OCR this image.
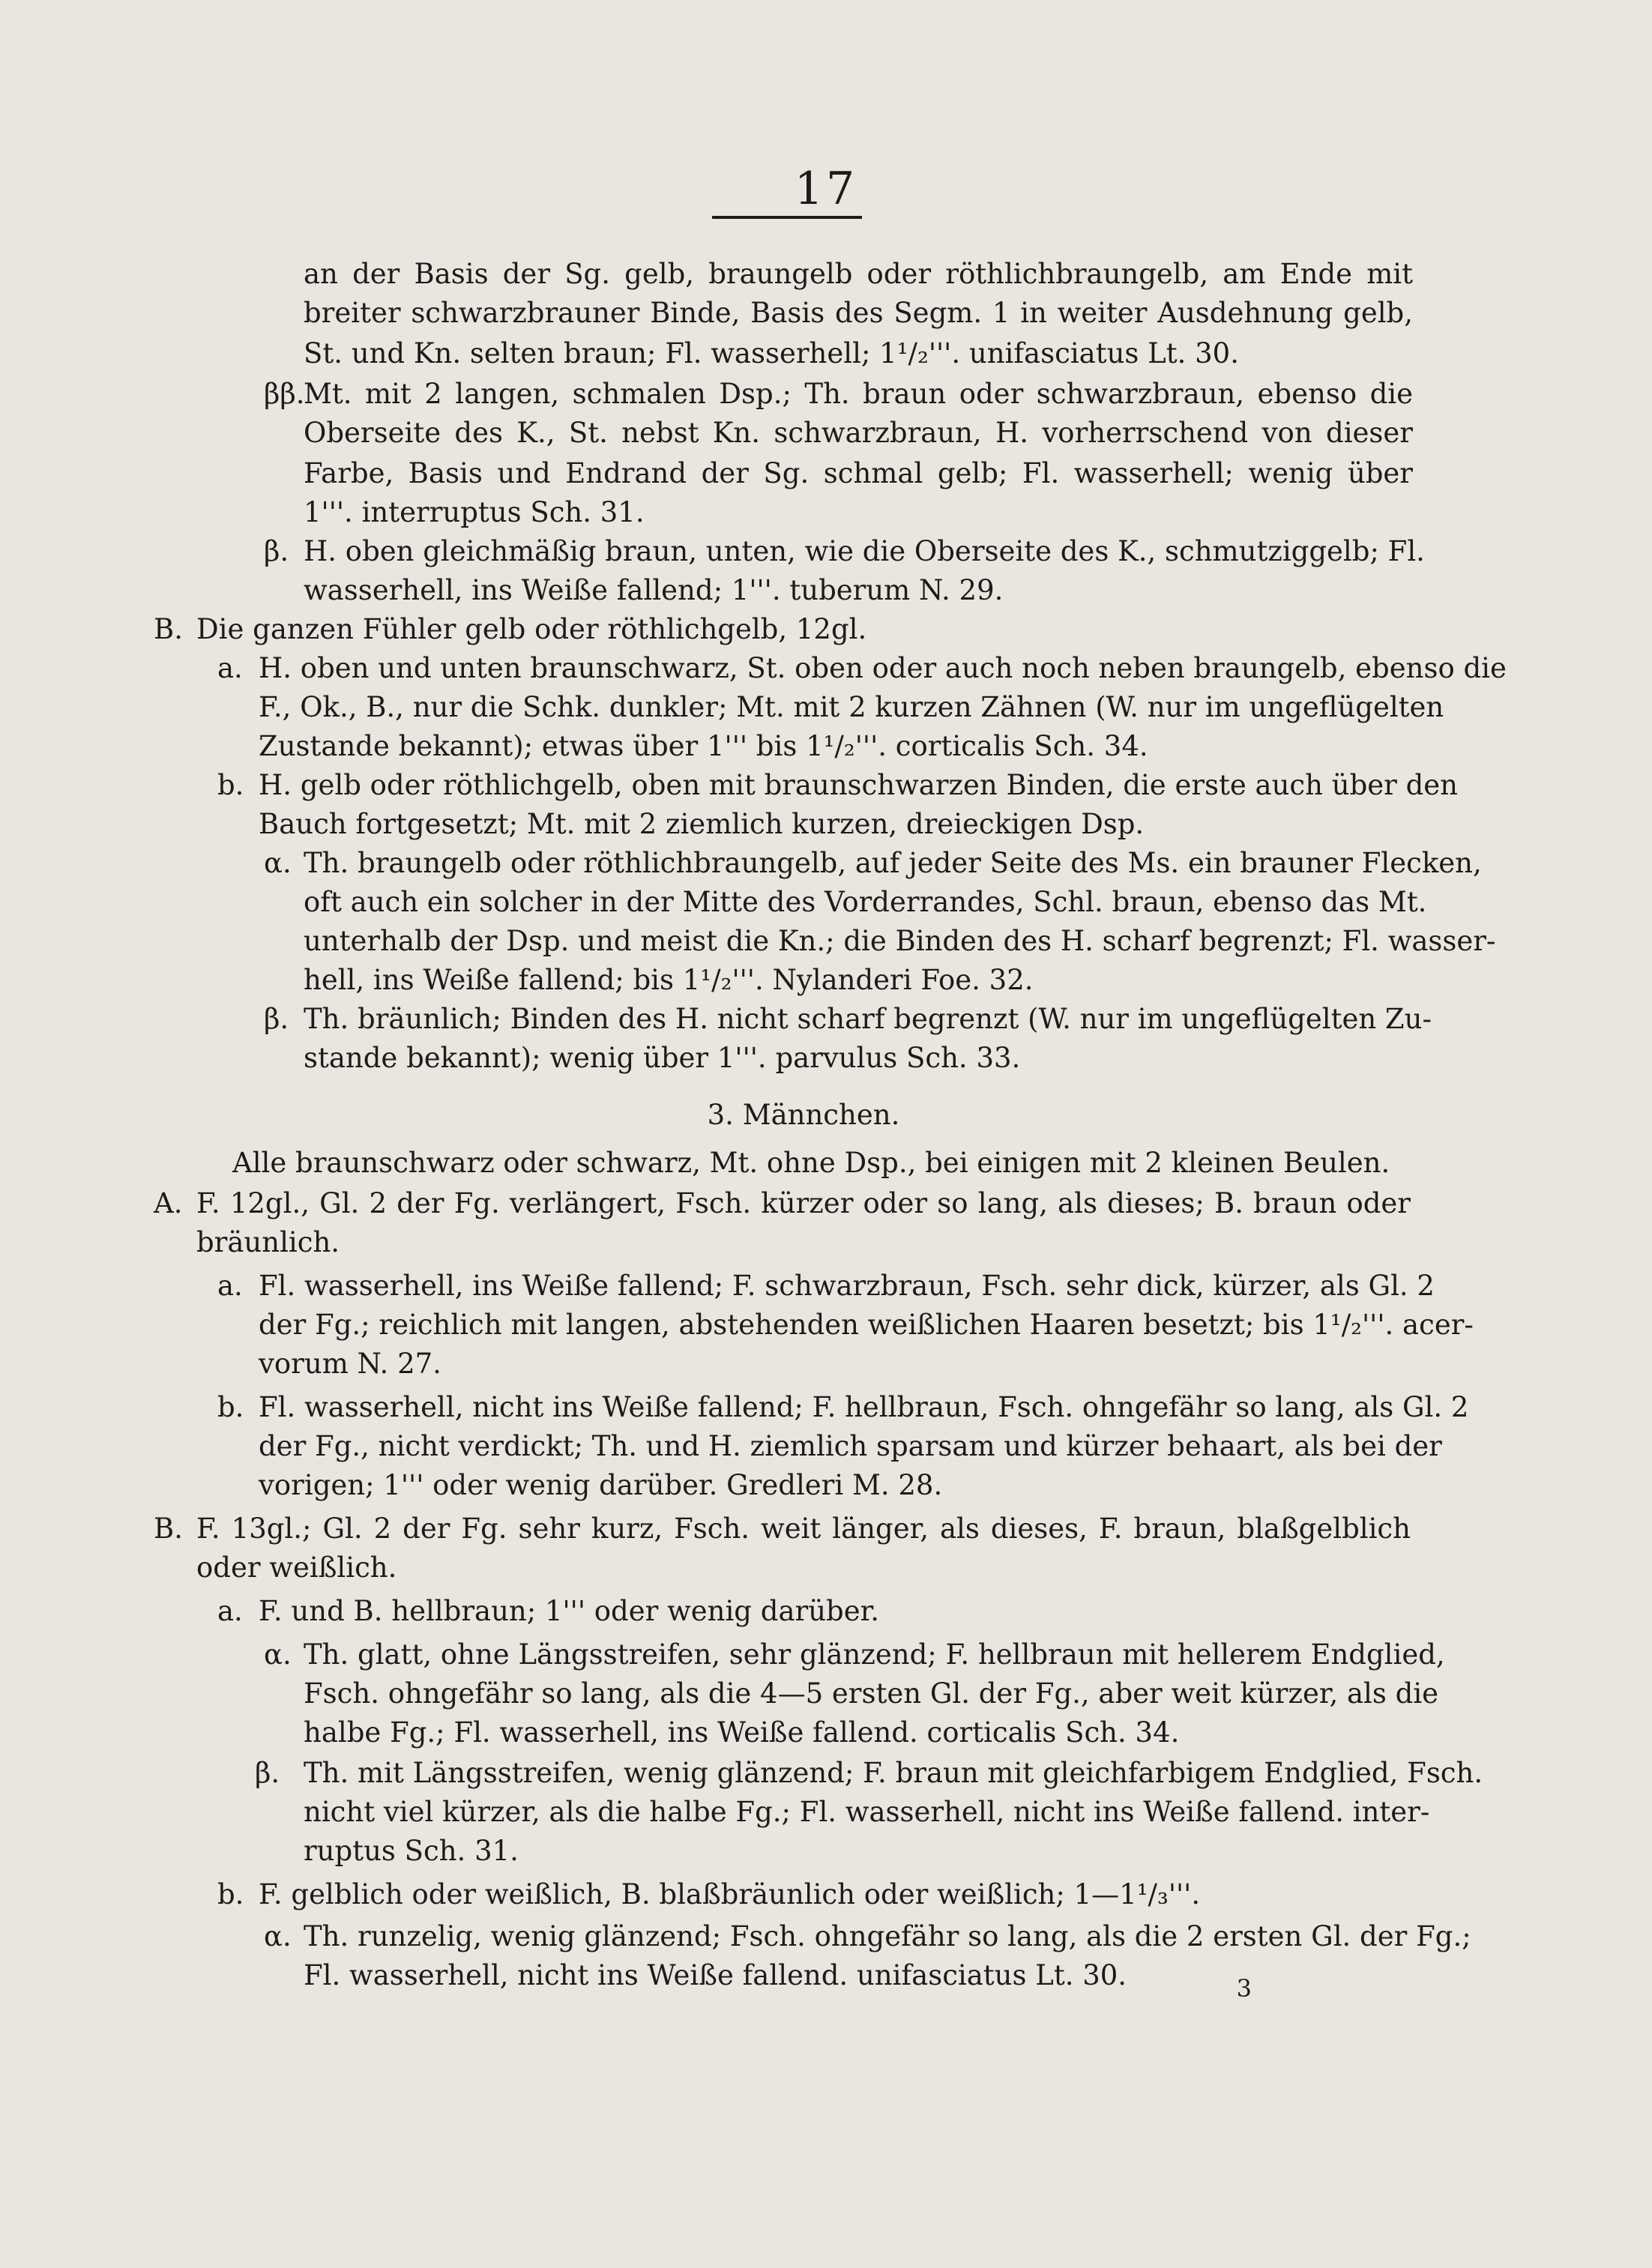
17
an der Basis der Sg. gelb, braungelb oder röthlichbraungelb, am Ende mit
breiter schwarzbrauner Binde, Basis des Segm. 1 in weiter Ausdehnung gelb,
St. und Kn. selten braun; Fl. wasserhell; 1¹/₂'''. unifasciatus Lt. 30.
ββ.
Mt. mit 2 langen, schmalen Dsp.; Th. braun oder schwarzbraun, ebenso die
Oberseite des K., St. nebst Kn. schwarzbraun, H. vorherrschend von dieser
Farbe, Basis und Endrand der Sg. schmal gelb; Fl. wasserhell; wenig über
1'''. interruptus Sch. 31.
β. H. oben gleichmäßig braun, unten, wie die Oberseite des K., schmutziggelb; Fl.
wasserhell, ins Weiße fallend; 1'''. tuberum N. 29.
B. Die ganzen Fühler gelb oder röthlichgelb, 12gl.
a. H. oben und unten braunschwarz, St. oben oder auch noch neben braungelb, ebenso die
F., Ok., B., nur die Schk. dunkler; Mt. mit 2 kurzen Zähnen (W. nur im ungeflügelten
Zustande bekannt); etwas über 1''' bis 1¹/₂'''. corticalis Sch. 34.
b. H. gelb oder röthlichgelb, oben mit braunschwarzen Binden, die erste auch über den
Bauch fortgesetzt; Mt. mit 2 ziemlich kurzen, dreieckigen Dsp.
α. Th. braungelb oder röthlichbraungelb, auf jeder Seite des Ms. ein brauner Flecken,
oft auch ein solcher in der Mitte des Vorderrandes, Schl. braun, ebenso das Mt.
unterhalb der Dsp. und meist die Kn.; die Binden des H. scharf begrenzt; Fl. wasser-
hell, ins Weiße fallend; bis 1¹/₂'''. Nylanderi Foe. 32.
β. Th. bräunlich; Binden des H. nicht scharf begrenzt (W. nur im ungeflügelten Zu-
stande bekannt); wenig über 1'''. parvulus Sch. 33.
3. Männchen.
Alle braunschwarz oder schwarz, Mt. ohne Dsp., bei einigen mit 2 kleinen Beulen.
A. F. 12gl., Gl. 2 der Fg. verlängert, Fsch. kürzer oder so lang, als dieses; B. braun oder
bräunlich.
a. Fl. wasserhell, ins Weiße fallend; F. schwarzbraun, Fsch. sehr dick, kürzer, als Gl. 2
der Fg.; reichlich mit langen, abstehenden weißlichen Haaren besetzt; bis 1¹/₂'''. acer-
vorum N. 27.
b. Fl. wasserhell, nicht ins Weiße fallend; F. hellbraun, Fsch. ohngefähr so lang, als Gl. 2
der Fg., nicht verdickt; Th. und H. ziemlich sparsam und kürzer behaart, als bei der
vorigen; 1''' oder wenig darüber. Gredleri M. 28.
B. F. 13gl.; Gl. 2 der Fg. sehr kurz, Fsch. weit länger, als dieses, F. braun, blaßgelblich
oder weißlich.
a. F. und B. hellbraun; 1''' oder wenig darüber.
α. Th. glatt, ohne Längsstreifen, sehr glänzend; F. hellbraun mit hellerem Endglied,
Fsch. ohngefähr so lang, als die 4—5 ersten Gl. der Fg., aber weit kürzer, als die
halbe Fg.; Fl. wasserhell, ins Weiße fallend. corticalis Sch. 34.
β. Th. mit Längsstreifen, wenig glänzend; F. braun mit gleichfarbigem Endglied, Fsch.
nicht viel kürzer, als die halbe Fg.; Fl. wasserhell, nicht ins Weiße fallend. inter-
ruptus Sch. 31.
b. F. gelblich oder weißlich, B. blaßbräunlich oder weißlich; 1—1¹/₃'''.
α. Th. runzelig, wenig glänzend; Fsch. ohngefähr so lang, als die 2 ersten Gl. der Fg.;
Fl. wasserhell, nicht ins Weiße fallend. unifasciatus Lt. 30.	3
